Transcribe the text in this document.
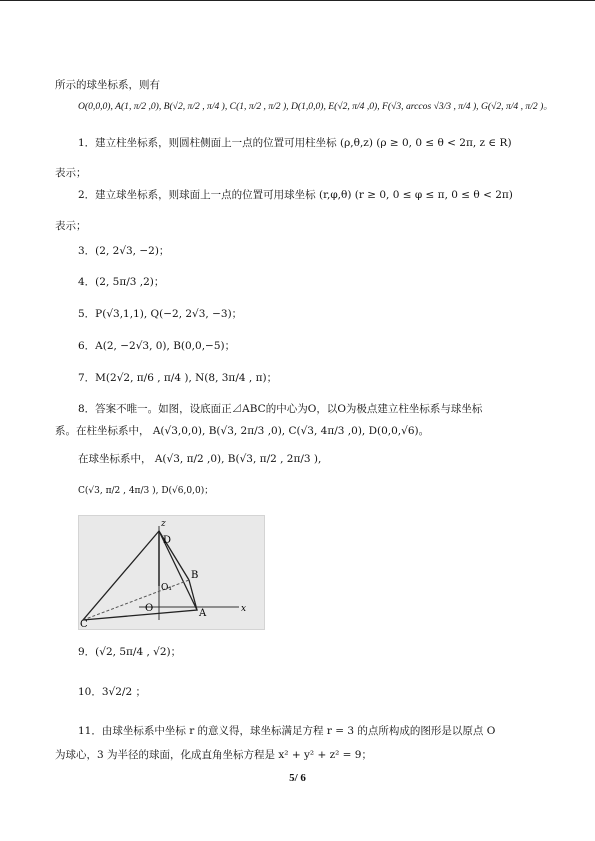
所示的球坐标系，则有
O(0,0,0), A(1, π/2 ,0), B(√2, π/2 , π/4 ), C(1, π/2 , π/2 ), D(1,0,0), E(√2, π/4 ,0), F(√3, arccos √3/3 , π/4 ), G(√2, π/4 , π/2 )。
1．建立柱坐标系，则圆柱侧面上一点的位置可用柱坐标 (ρ,θ,z) (ρ ≥ 0, 0 ≤ θ < 2π, z ∈ R)
表示；
2．建立球坐标系，则球面上一点的位置可用球坐标 (r,φ,θ) (r ≥ 0, 0 ≤ φ ≤ π, 0 ≤ θ < 2π)
表示；
3．(2, 2√3, −2)；
4．(2, 5π/3 ,2)；
5．P(√3,1,1), Q(−2, 2√3, −3)；
6．A(2, −2√3, 0), B(0,0,−5)；
7．M(2√2, π/6 , π/4 ), N(8, 3π/4 , π)；
8．答案不唯一。如图，设底面正⊿ABC的中心为O，以O为极点建立柱坐标系与球坐标
系。在柱坐标系中， A(√3,0,0), B(√3, 2π/3 ,0), C(√3, 4π/3 ,0), D(0,0,√6)。
在球坐标系中， A(√3, π/2 ,0), B(√3, π/2 , 2π/3 ),
C(√3, π/2 , 4π/3 ), D(√6,0,0)；
z
D
O₁
O	A
B
C
x
9．(√2, 5π/4 , √2)；
10．3√2/2 ；
11．由球坐标系中坐标 r 的意义得，球坐标满足方程 r = 3 的点所构成的图形是以原点 O
为球心，3 为半径的球面，化成直角坐标方程是 x² + y² + z² = 9；
5/ 6
